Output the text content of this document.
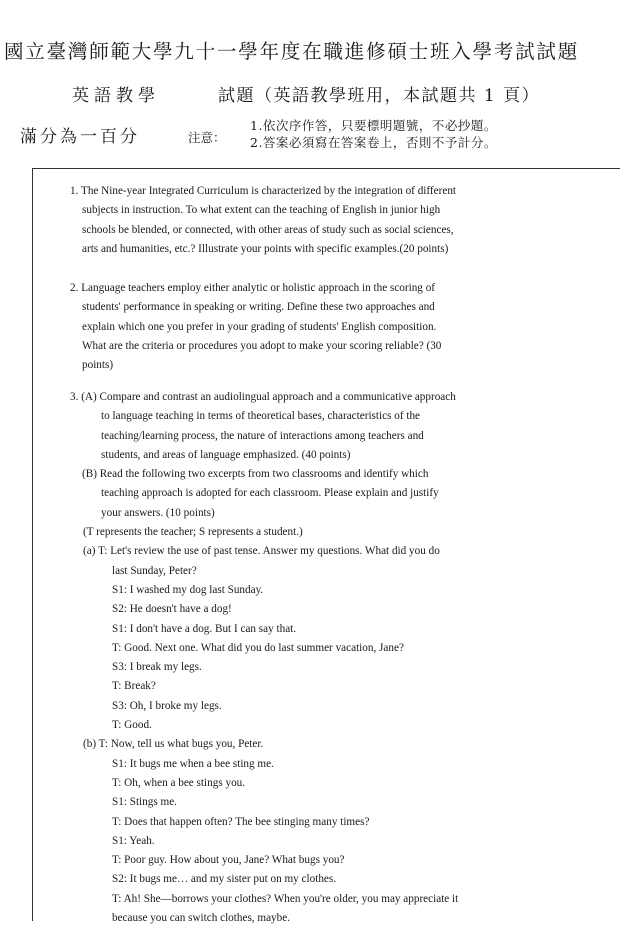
國立臺灣師範大學九十一學年度在職進修碩士班入學考試試題
英語教學	試題（英語教學班用，本試題共 1 頁）
滿分為一百分	注意：
1.依次序作答，只要標明題號，不必抄題。
2.答案必須寫在答案卷上，否則不予計分。
1. The Nine-year Integrated Curriculum is characterized by the integration of different
subjects in instruction. To what extent can the teaching of English in junior high
schools be blended, or connected, with other areas of study such as social sciences,
arts and humanities, etc.? Illustrate your points with specific examples.(20 points)
2. Language teachers employ either analytic or holistic approach in the scoring of
students' performance in speaking or writing. Define these two approaches and
explain which one you prefer in your grading of students' English composition.
What are the criteria or procedures you adopt to make your scoring reliable? (30
points)
3. (A) Compare and contrast an audiolingual approach and a communicative approach
to language teaching in terms of theoretical bases, characteristics of the
teaching/learning process, the nature of interactions among teachers and
students, and areas of language emphasized. (40 points)
(B) Read the following two excerpts from two classrooms and identify which
teaching approach is adopted for each classroom. Please explain and justify
your answers. (10 points)
(T represents the teacher; S represents a student.)
(a) T: Let's review the use of past tense. Answer my questions. What did you do
last Sunday, Peter?
S1: I washed my dog last Sunday.
S2: He doesn't have a dog!
S1: I don't have a dog. But I can say that.
T: Good. Next one. What did you do last summer vacation, Jane?
S3: I break my legs.
T: Break?
S3: Oh, I broke my legs.
T: Good.
(b) T: Now, tell us what bugs you, Peter.
S1: It bugs me when a bee sting me.
T: Oh, when a bee stings you.
S1: Stings me.
T: Does that happen often? The bee stinging many times?
S1: Yeah.
T: Poor guy. How about you, Jane? What bugs you?
S2: It bugs me… and my sister put on my clothes.
T: Ah! She—borrows your clothes? When you're older, you may appreciate it
because you can switch clothes, maybe.
